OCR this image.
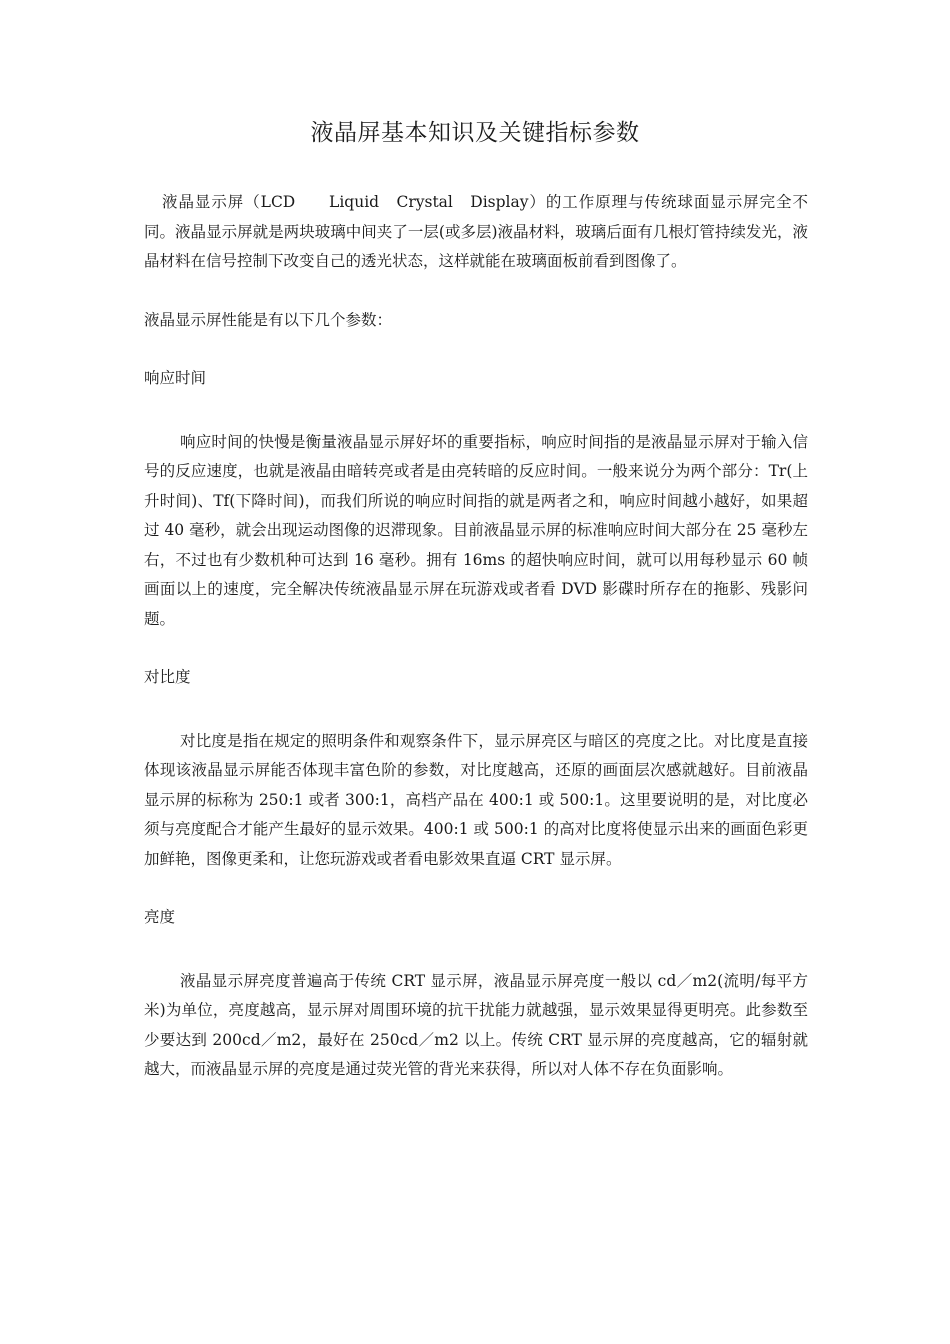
液晶屏基本知识及关键指标参数

液晶显示屏（LCD　　Liquid　Crystal　Display）的工作原理与传统球面显示屏完全不同。液晶显示屏就是两块玻璃中间夹了一层(或多层)液晶材料，玻璃后面有几根灯管持续发光，液晶材料在信号控制下改变自己的透光状态，这样就能在玻璃面板前看到图像了。

液晶显示屏性能是有以下几个参数：

响应时间

响应时间的快慢是衡量液晶显示屏好坏的重要指标，响应时间指的是液晶显示屏对于输入信号的反应速度，也就是液晶由暗转亮或者是由亮转暗的反应时间。一般来说分为两个部分：Tr(上升时间)、Tf(下降时间)，而我们所说的响应时间指的就是两者之和，响应时间越小越好，如果超过 40 毫秒，就会出现运动图像的迟滞现象。目前液晶显示屏的标准响应时间大部分在 25 毫秒左右，不过也有少数机种可达到 16 毫秒。拥有 16ms 的超快响应时间，就可以用每秒显示 60 帧画面以上的速度，完全解决传统液晶显示屏在玩游戏或者看 DVD 影碟时所存在的拖影、残影问题。

对比度

对比度是指在规定的照明条件和观察条件下，显示屏亮区与暗区的亮度之比。对比度是直接体现该液晶显示屏能否体现丰富色阶的参数，对比度越高，还原的画面层次感就越好。目前液晶显示屏的标称为 250:1 或者 300:1，高档产品在 400:1 或 500:1。这里要说明的是，对比度必须与亮度配合才能产生最好的显示效果。400:1 或 500:1 的高对比度将使显示出来的画面色彩更加鲜艳，图像更柔和，让您玩游戏或者看电影效果直逼 CRT 显示屏。

亮度

液晶显示屏亮度普遍高于传统 CRT 显示屏，液晶显示屏亮度一般以 cd／m2(流明/每平方米)为单位，亮度越高，显示屏对周围环境的抗干扰能力就越强，显示效果显得更明亮。此参数至少要达到 200cd／m2，最好在 250cd／m2 以上。传统 CRT 显示屏的亮度越高，它的辐射就越大，而液晶显示屏的亮度是通过荧光管的背光来获得，所以对人体不存在负面影响。
